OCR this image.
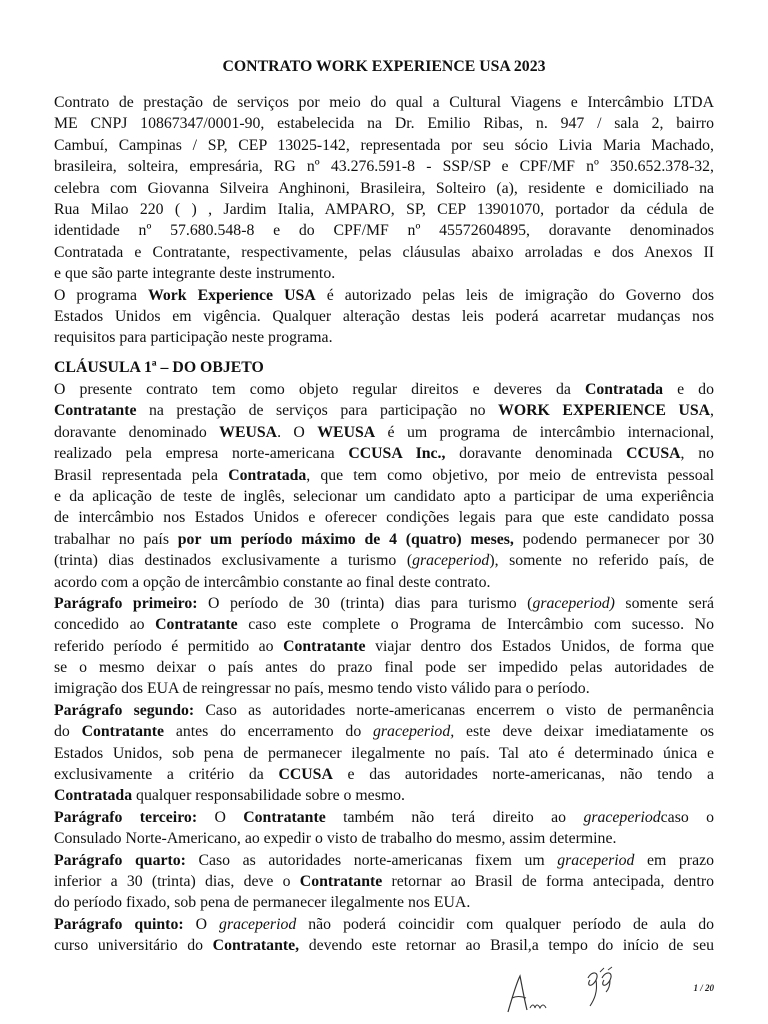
CONTRATO WORK EXPERIENCE USA 2023
Contrato de prestação de serviços por meio do qual a Cultural Viagens e Intercâmbio LTDA
ME CNPJ 10867347/0001-90, estabelecida na Dr. Emilio Ribas, n. 947 / sala 2, bairro
Cambuí, Campinas / SP, CEP 13025-142, representada por seu sócio Livia Maria Machado,
brasileira, solteira, empresária, RG nº 43.276.591-8 - SSP/SP e CPF/MF nº 350.652.378-32,
celebra com Giovanna Silveira Anghinoni, Brasileira, Solteiro (a), residente e domiciliado na
Rua Milao 220 ( ) , Jardim Italia, AMPARO, SP, CEP 13901070, portador da cédula de
identidade nº 57.680.548-8 e do CPF/MF nº 45572604895, doravante denominados
Contratada e Contratante, respectivamente, pelas cláusulas abaixo arroladas e dos Anexos II
e que são parte integrante deste instrumento.
O programa Work Experience USA é autorizado pelas leis de imigração do Governo dos
Estados Unidos em vigência. Qualquer alteração destas leis poderá acarretar mudanças nos
requisitos para participação neste programa.
CLÁUSULA 1ª – DO OBJETO
O presente contrato tem como objeto regular direitos e deveres da Contratada e do
Contratante na prestação de serviços para participação no WORK EXPERIENCE USA,
doravante denominado WEUSA. O WEUSA é um programa de intercâmbio internacional,
realizado pela empresa norte-americana CCUSA Inc., doravante denominada CCUSA, no
Brasil representada pela Contratada, que tem como objetivo, por meio de entrevista pessoal
e da aplicação de teste de inglês, selecionar um candidato apto a participar de uma experiência
de intercâmbio nos Estados Unidos e oferecer condições legais para que este candidato possa
trabalhar no país por um período máximo de 4 (quatro) meses, podendo permanecer por 30
(trinta) dias destinados exclusivamente a turismo (graceperiod), somente no referido país, de
acordo com a opção de intercâmbio constante ao final deste contrato.
Parágrafo primeiro: O período de 30 (trinta) dias para turismo (graceperiod) somente será
concedido ao Contratante caso este complete o Programa de Intercâmbio com sucesso. No
referido período é permitido ao Contratante viajar dentro dos Estados Unidos, de forma que
se o mesmo deixar o país antes do prazo final pode ser impedido pelas autoridades de
imigração dos EUA de reingressar no país, mesmo tendo visto válido para o período.
Parágrafo segundo: Caso as autoridades norte-americanas encerrem o visto de permanência
do Contratante antes do encerramento do graceperiod, este deve deixar imediatamente os
Estados Unidos, sob pena de permanecer ilegalmente no país. Tal ato é determinado única e
exclusivamente a critério da CCUSA e das autoridades norte-americanas, não tendo a
Contratada qualquer responsabilidade sobre o mesmo.
Parágrafo terceiro: O Contratante também não terá direito ao graceperiodcaso o
Consulado Norte-Americano, ao expedir o visto de trabalho do mesmo, assim determine.
Parágrafo quarto: Caso as autoridades norte-americanas fixem um graceperiod em prazo
inferior a 30 (trinta) dias, deve o Contratante retornar ao Brasil de forma antecipada, dentro
do período fixado, sob pena de permanecer ilegalmente nos EUA.
Parágrafo quinto: O graceperiod não poderá coincidir com qualquer período de aula do
curso universitário do Contratante, devendo este retornar ao Brasil,a tempo do início de seu
1 / 20
